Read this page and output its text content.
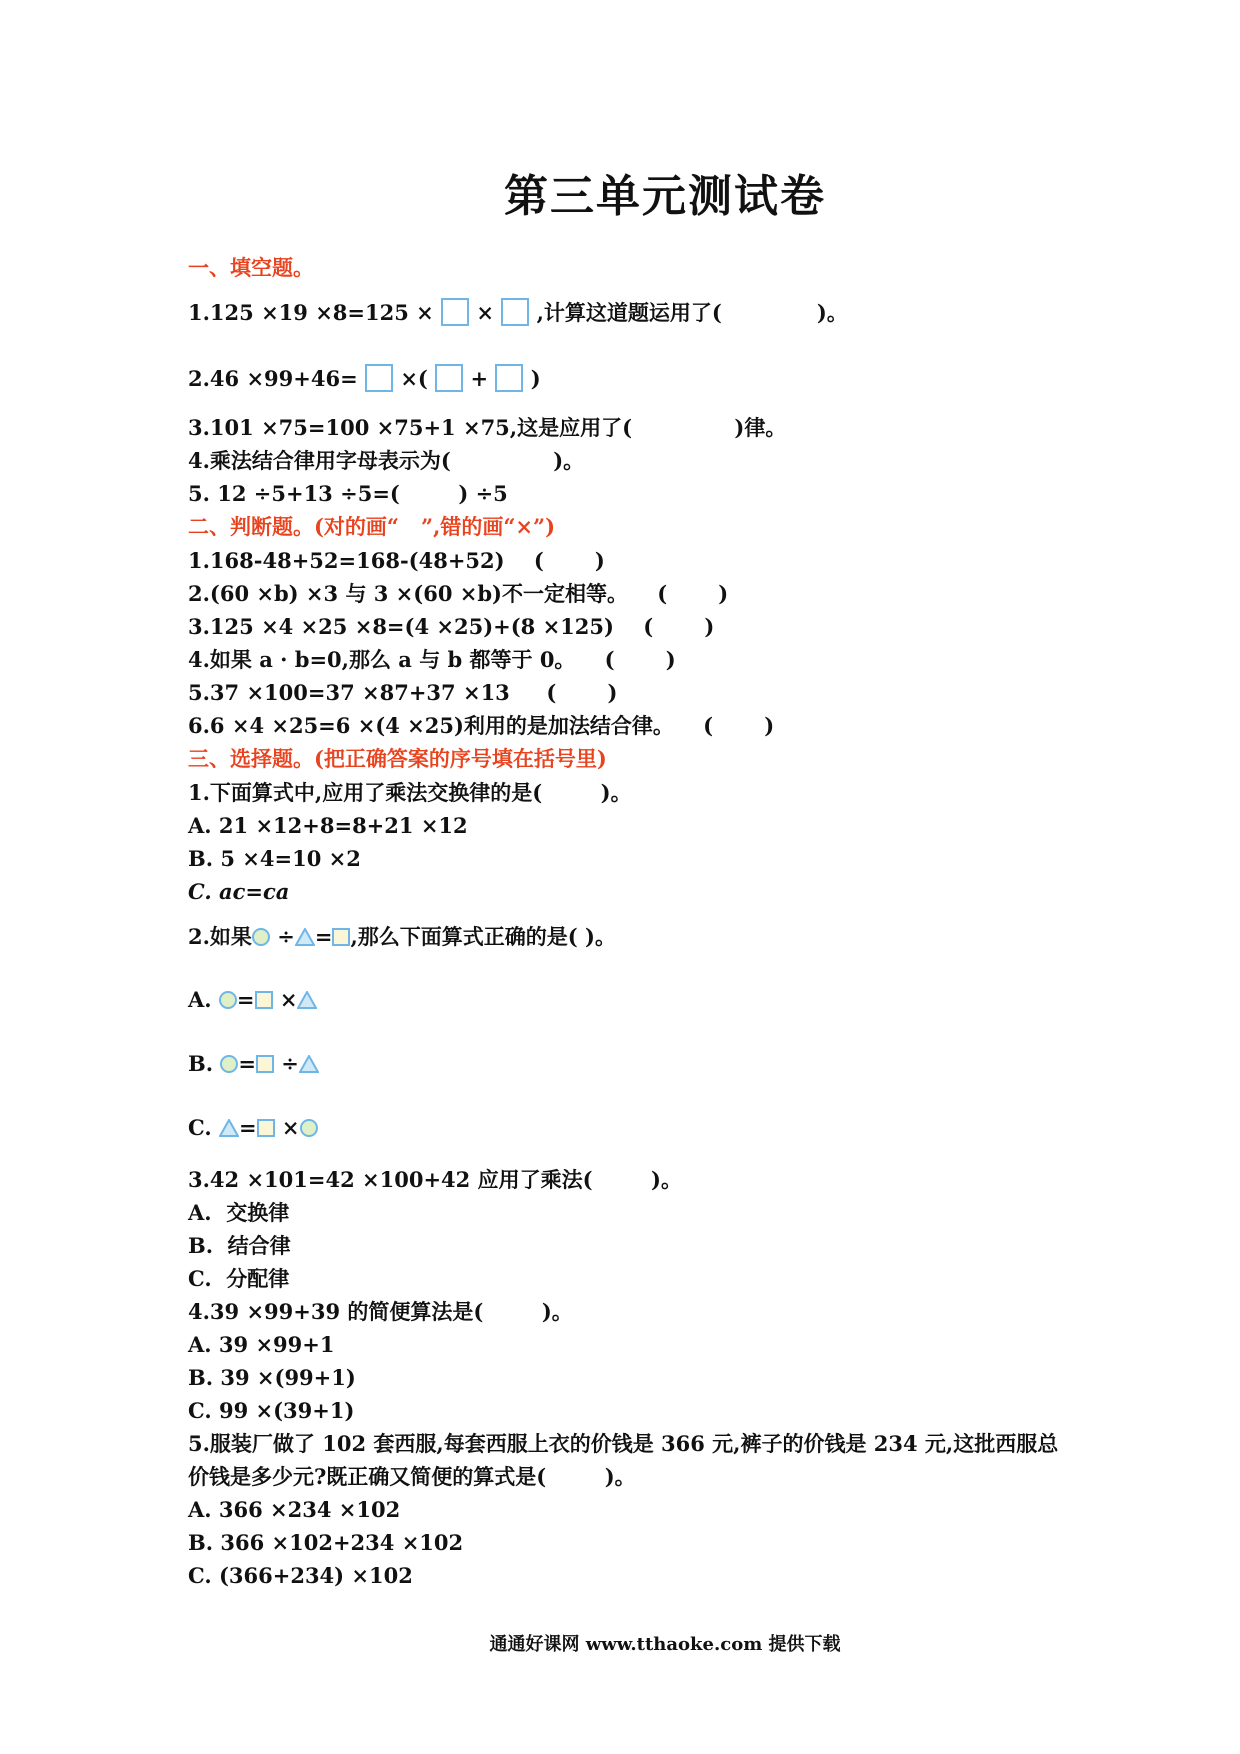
第三单元测试卷
一、填空题。
1.125 ×19 ×8=125 ×  ×  ,计算这道题运用了(             )。
2.46 ×99+46=  ×( + )
3.101 ×75=100 ×75+1 ×75,这是应用了(              )律。
4.乘法结合律用字母表示为(              )。
5. 12 ÷5+13 ÷5=(        ) ÷5
二、判断题。(对的画“   ”,错的画“×”)
1.168-48+52=168-(48+52)    (       )
2.(60 ×b) ×3 与 3 ×(60 ×b)不一定相等。    (       )
3.125 ×4 ×25 ×8=(4 ×25)+(8 ×125)    (       )
4.如果 a · b=0,那么 a 与 b 都等于 0。    (       )
5.37 ×100=37 ×87+37 ×13     (       )
6.6 ×4 ×25=6 ×(4 ×25)利用的是加法结合律。    (       )
三、选择题。(把正确答案的序号填在括号里)
1.下面算式中,应用了乘法交换律的是(        )。
A. 21 ×12+8=8+21 ×12
B. 5 ×4=10 ×2
C. ac=ca
2.如果 ÷ = ,那么下面算式正确的是( )。
A. = ×
B. = ÷
C. = ×
3.42 ×101=42 ×100+42 应用了乘法(        )。
A.  交换律
B.  结合律
C.  分配律
4.39 ×99+39 的简便算法是(        )。
A. 39 ×99+1
B. 39 ×(99+1)
C. 99 ×(39+1)
5.服装厂做了 102 套西服,每套西服上衣的价钱是 366 元,裤子的价钱是 234 元,这批西服总
价钱是多少元?既正确又简便的算式是(        )。
A. 366 ×234 ×102
B. 366 ×102+234 ×102
C. (366+234) ×102
通通好课网 www.tthaoke.com 提供下载
